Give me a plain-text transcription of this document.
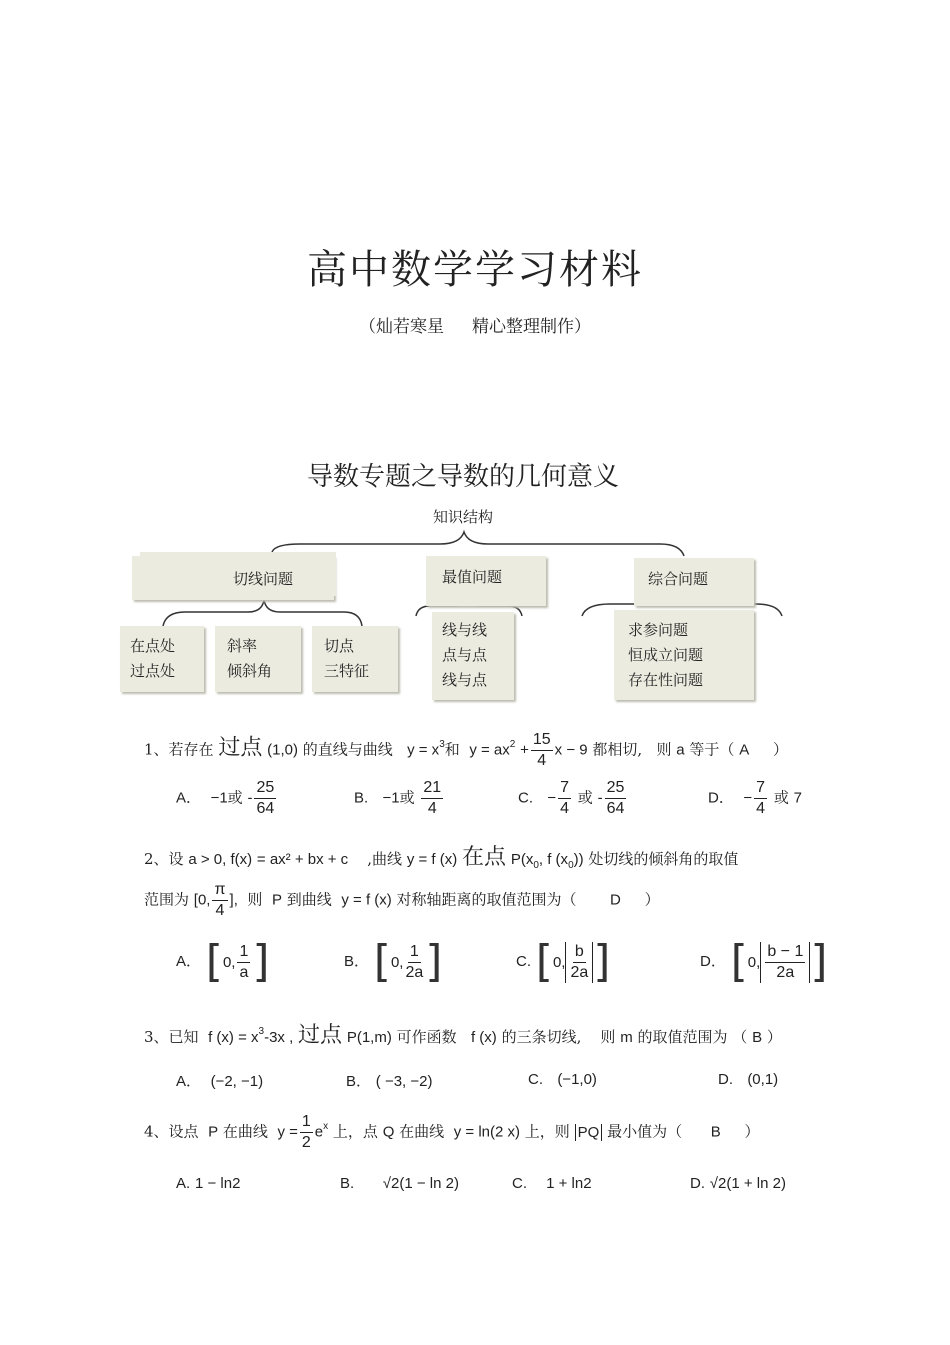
高中数学学习材料
（灿若寒星 精心整理制作）
导数专题之导数的几何意义
知识结构
切线问题	最值问题	综合问题
在点处
过点处
斜率
倾斜角
切点
三特征
线与线
点与点
线与点
求参问题
恒成立问题
存在性问题
1、若存在 过点 (1,0) 的直线与曲线 $y = x^3$和 $y = ax^2 + \frac{15}{4}$ x − 9 都相切, 则 a 等于（ A ）
A． −1或 - $\frac{25}{64}$	B. −1或 $\frac{21}{4}$	C. − $\frac{7}{4}$ 或 - $\frac{25}{64}$	D． − $\frac{7}{4}$ 或 7
2、设 a > 0, f(x) = ax² + bx + c ,曲线 y = f (x) 在点 $P(x_0$, f $(x_0)$) 处切线的倾斜角的取值
范围为 [0, $\frac{\pi}{4}$ ], 则 P 到曲线 y = f (x) 对称轴距离的取值范围为（ D ）
A． [ 0, $\frac{1}{a}$ ]	B． [ 0, $\frac{1}{2a}$ ]	C. [ 0, $\frac{b}{2a}$ ]	D． [ 0, $\frac{b - 1}{2a}$ ]
3、已知 f $(x) = x^3-3x$ , 过点 P(1,m) 可作函数 f (x) 的三条切线, 则 m 的取值范围为 （ B ）
A． (−2, −1)	B． ( −3, −2)	C. (−1,0)	D. (0,1)
4、设点 P 在曲线 $y = \frac{1}{2} e^x$ 上，点 Q 在曲线 y = ln(2 x) 上，则 PQ 最小值为（ B ）
A. 1 − ln2	B. √2(1 − ln 2)	C. 1 + ln2	D. √2(1 + ln 2)
